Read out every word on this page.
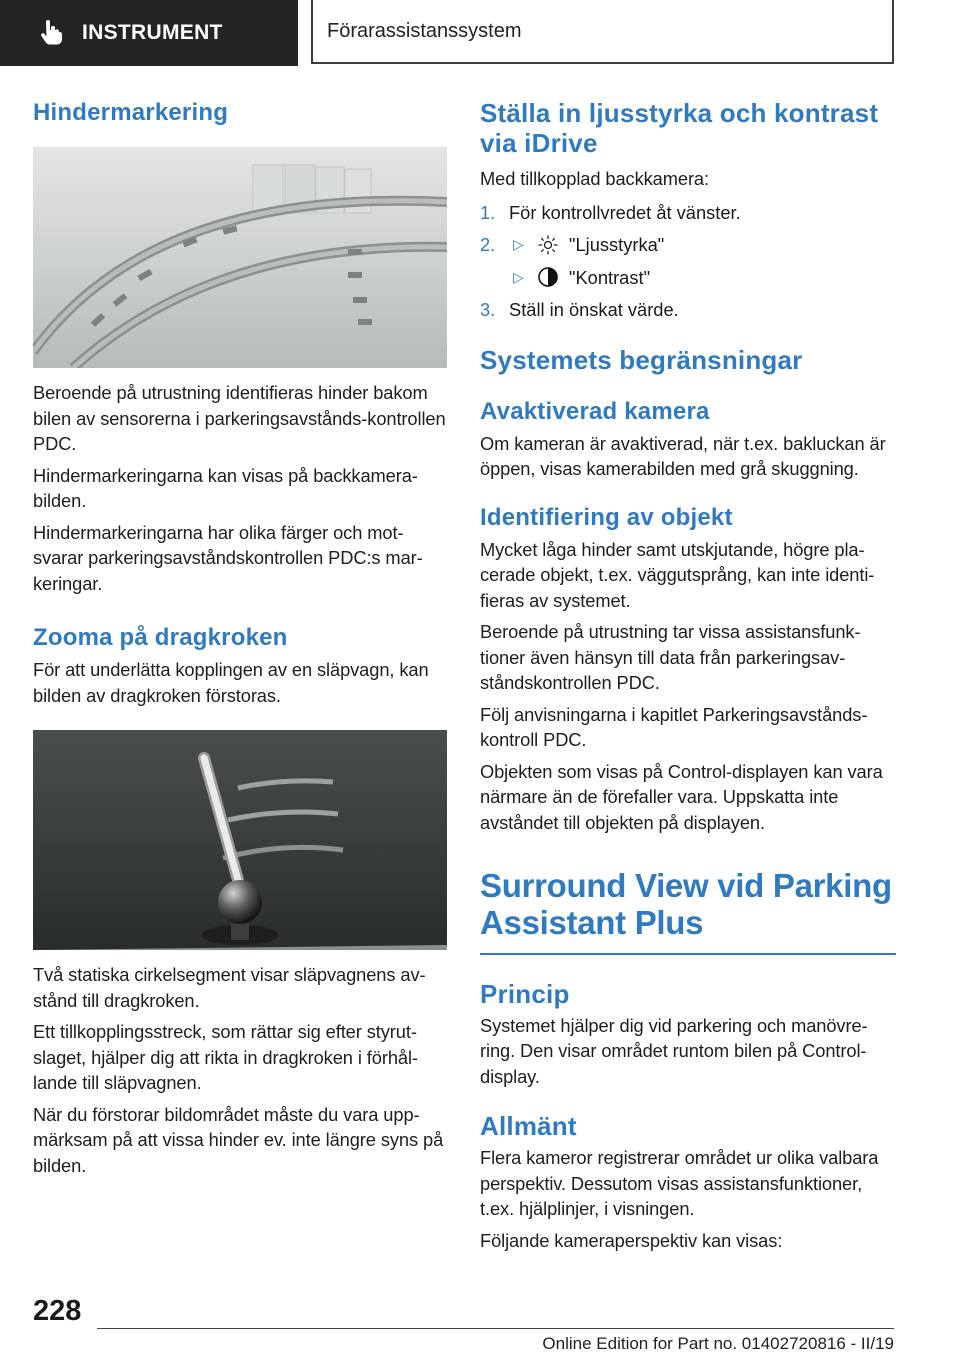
INSTRUMENT	Förarassistanssystem
Hindermarkering

Beroende på utrustning identifieras hinder bakom bilen av sensorerna i parkeringsavstånds-kontrollen PDC.

Hindermarkeringarna kan visas på backkamera-bilden.

Hindermarkeringarna har olika färger och mot-svarar parkeringsavståndskontrollen PDC:s mar-keringar.

Zooma på dragkroken

För att underlätta kopplingen av en släpvagn, kan bilden av dragkroken förstoras.

Två statiska cirkelsegment visar släpvagnens av-stånd till dragkroken.

Ett tillkopplingsstreck, som rättar sig efter styrut-slaget, hjälper dig att rikta in dragkroken i förhål-lande till släpvagnen.

När du förstorar bildområdet måste du vara upp-märksam på att vissa hinder ev. inte längre syns på bilden.

Ställa in ljusstyrka och kontrast via iDrive

Med tillkopplad backkamera:

1. För kontrollvredet åt vänster.
2. ▷	"Ljusstyrka"
▷	"Kontrast"
3. Ställ in önskat värde.
Systemets begränsningar
Avaktiverad kamera

Om kameran är avaktiverad, när t.ex. bakluckan är öppen, visas kamerabilden med grå skuggning.

Identifiering av objekt

Mycket låga hinder samt utskjutande, högre pla-cerade objekt, t.ex. väggutsprång, kan inte identi-fieras av systemet.

Beroende på utrustning tar vissa assistansfunk-tioner även hänsyn till data från parkeringsav-ståndskontrollen PDC.

Följ anvisningarna i kapitlet Parkeringsavstånds-kontroll PDC.

Objekten som visas på Control-displayen kan vara närmare än de förefaller vara. Uppskatta inte avståndet till objekten på displayen.

Surround View vid Parking Assistant Plus
Princip

Systemet hjälper dig vid parkering och manövre-ring. Den visar området runtom bilen på Control-display.

Allmänt

Flera kameror registrerar området ur olika valbara perspektiv. Dessutom visas assistansfunktioner, t.ex. hjälplinjer, i visningen.

Följande kameraperspektiv kan visas:

228
Online Edition for Part no. 01402720816 - II/19
